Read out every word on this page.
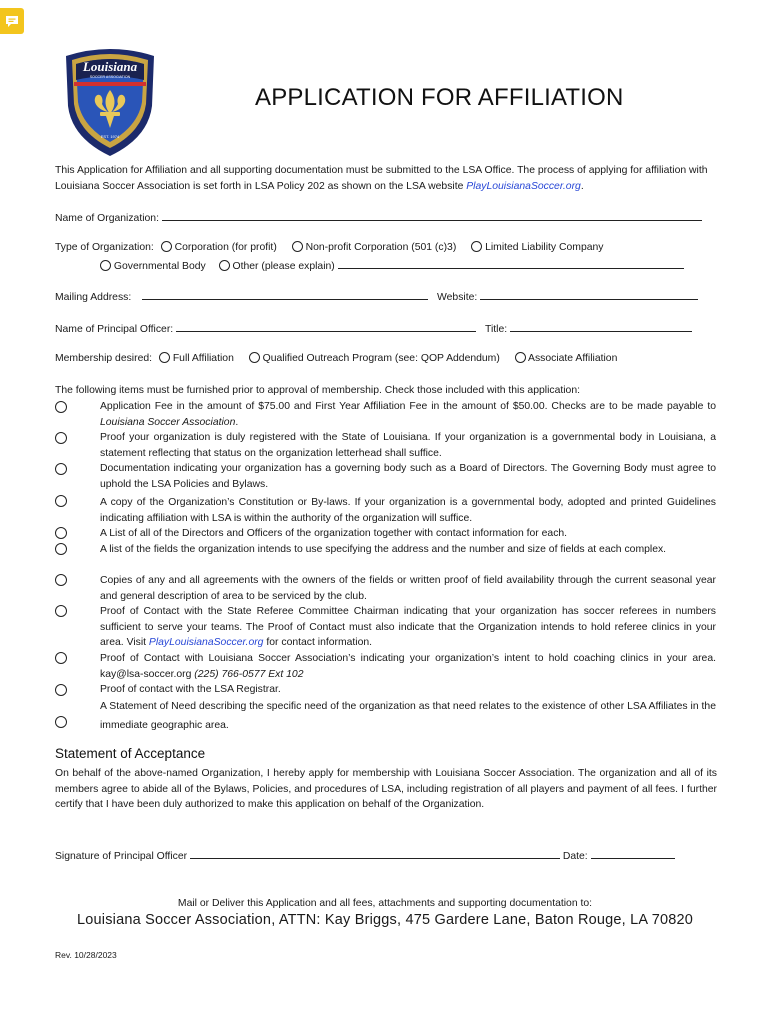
Louisiana
SOCCER ASSOCIATION
EST. 1974
APPLICATION FOR AFFILIATION
This Application for Affiliation and all supporting documentation must be submitted to the LSA Office. The process of applying for affiliation with Louisiana Soccer Association is set forth in LSA Policy 202 as shown on the LSA website PlayLouisianaSoccer.org.
Name of Organization:
Type of Organization: Corporation (for profit)	Non-profit Corporation (501 (c)3)	Limited Liability Company
Governmental Body	Other (please explain)
Mailing Address:	Website:
Name of Principal Officer:	Title:
Membership desired: Full Affiliation	Qualified Outreach Program (see: QOP Addendum)	Associate Affiliation
The following items must be furnished prior to approval of membership. Check those included with this application:
Application Fee in the amount of $75.00 and First Year Affiliation Fee in the amount of $50.00. Checks are to be made payable to Louisiana Soccer Association.
Proof your organization is duly registered with the State of Louisiana. If your organization is a governmental body in Louisiana, a statement reflecting that status on the organization letterhead shall suffice.
Documentation indicating your organization has a governing body such as a Board of Directors. The Governing Body must agree to uphold the LSA Policies and Bylaws.
A copy of the Organization’s Constitution or By-laws. If your organization is a governmental body, adopted and printed Guidelines indicating affiliation with LSA is within the authority of the organization will suffice.
A List of all of the Directors and Officers of the organization together with contact information for each.
A list of the fields the organization intends to use specifying the address and the number and size of fields at each complex.
Copies of any and all agreements with the owners of the fields or written proof of field availability through the current seasonal year and general description of area to be serviced by the club.
Proof of Contact with the State Referee Committee Chairman indicating that your organization has soccer referees in numbers sufficient to serve your teams. The Proof of Contact must also indicate that the Organization intends to hold referee clinics in your area. Visit PlayLouisianaSoccer.org for contact information.
Proof of Contact with Louisiana Soccer Association’s indicating your organization’s intent to hold coaching clinics in your area. kay@lsa-soccer.org (225) 766-0577 Ext 102
Proof of contact with the LSA Registrar.
A Statement of Need describing the specific need of the organization as that need relates to the existence of other LSA Affiliates in the immediate geographic area.
Statement of Acceptance
On behalf of the above-named Organization, I hereby apply for membership with Louisiana Soccer Association. The organization and all of its members agree to abide all of the Bylaws, Policies, and procedures of LSA, including registration of all players and payment of all fees. I further certify that I have been duly authorized to make this application on behalf of the Organization.
Signature of Principal Officer	Date:
Mail or Deliver this Application and all fees, attachments and supporting documentation to:
Louisiana Soccer Association, ATTN: Kay Briggs, 475 Gardere Lane, Baton Rouge, LA 70820
Rev. 10/28/2023
